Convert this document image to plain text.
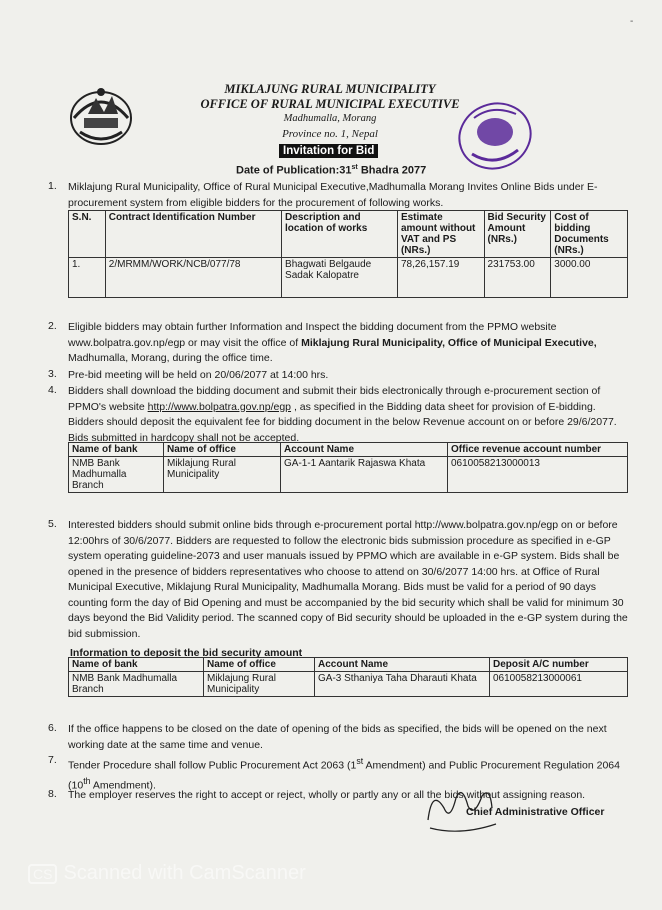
-
MIKLAJUNG RURAL MUNICIPALITY
OFFICE OF RURAL MUNICIPAL EXECUTIVE
Madhumalla, Morang
Province no. 1, Nepal
Invitation for Bid
Date of Publication:31st Bhadra 2077
1. Miklajung Rural Municipality, Office of Rural Municipal Executive,Madhumalla Morang Invites Online Bids under E-procurement system from eligible bidders for the procurement of following works.
S.N.	Contract Identification Number	Description and location of works	Estimate amount without VAT and PS (NRs.)	Bid Security Amount (NRs.)	Cost of bidding Documents (NRs.)
1.	2/MRMM/WORK/NCB/077/78	Bhagwati Belgaude Sadak Kalopatre	78,26,157.19	231753.00	3000.00
2. Eligible bidders may obtain further Information and Inspect the bidding document from the PPMO website www.bolpatra.gov.np/egp or may visit the office of Miklajung Rural Municipality, Office of Municipal Executive, Madhumalla, Morang, during the office time.
3. Pre-bid meeting will be held on 20/06/2077 at 14:00 hrs.
4. Bidders shall download the bidding document and submit their bids electronically through e-procurement section of PPMO's website http://www.bolpatra.gov.np/egp , as specified in the Bidding data sheet for provision of E-bidding. Bidders should deposit the equivalent fee for bidding document in the below Revenue account on or before 29/6/2077. Bids submitted in hardcopy shall not be accepted.
Name of bank	Name of office	Account Name	Office revenue account number
NMB Bank Madhumalla Branch	Miklajung Rural Municipality	GA-1-1 Aantarik Rajaswa Khata	0610058213000013
5. Interested bidders should submit online bids through e-procurement portal http://www.bolpatra.gov.np/egp on or before 12:00hrs of 30/6/2077. Bidders are requested to follow the electronic bids submission procedure as specified in e-GP system operating guideline-2073 and user manuals issued by PPMO which are available in e-GP system. Bids shall be opened in the presence of bidders representatives who choose to attend on 30/6/2077 14:00 hrs. at Office of Rural Municipal Executive, Miklajung Rural Municipality, Madhumalla Morang. Bids must be valid for a period of 90 days counting form the day of Bid Opening and must be accompanied by the bid security which shall be valid for minimum 30 days beyond the Bid Validity period. The scanned copy of Bid security should be uploaded in the e-GP system during the bid submission.
Information to deposit the bid security amount
Name of bank	Name of office	Account Name	Deposit A/C number
NMB Bank Madhumalla Branch	Miklajung Rural Municipality	GA-3 Sthaniya Taha Dharauti Khata	0610058213000061
6. If the office happens to be closed on the date of opening of the bids as specified, the bids will be opened on the next working date at the same time and venue.
7. Tender Procedure shall follow Public Procurement Act 2063 (1st Amendment) and Public Procurement Regulation 2064 (10th Amendment).
8. The employer reserves the right to accept or reject, wholly or partly any or all the bids without assigning reason.
Chief Administrative Officer
CS Scanned with CamScanner
